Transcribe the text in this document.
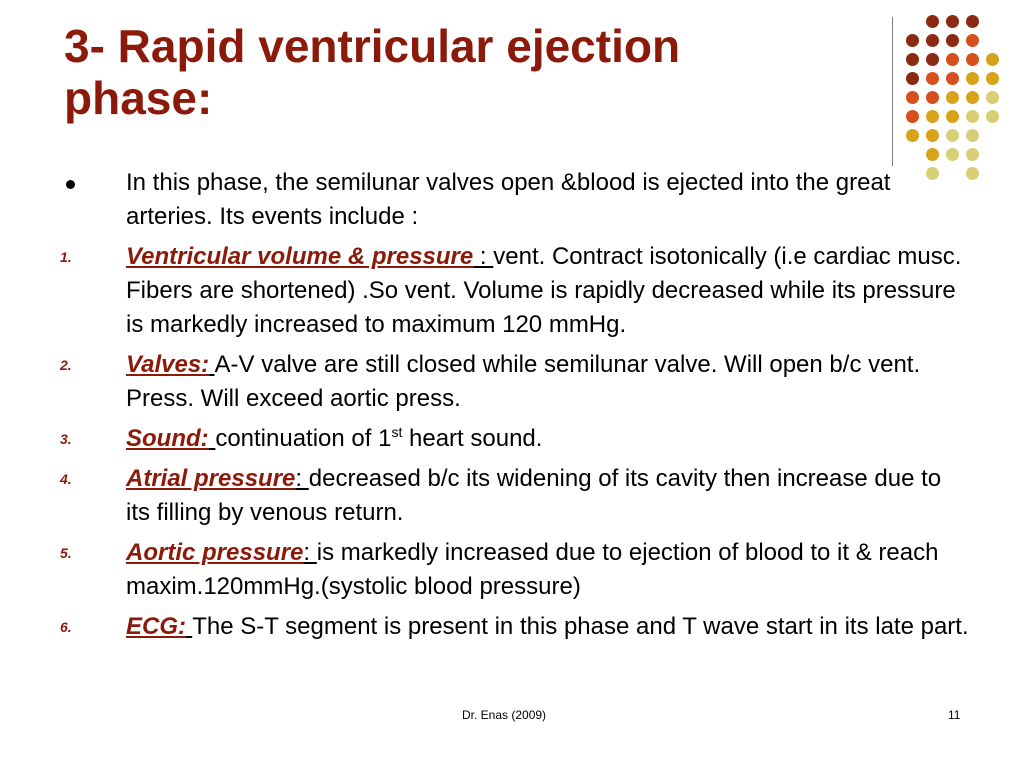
3- Rapid ventricular ejection
phase:
In this phase, the semilunar valves open &blood is ejected into the great arteries. Its events include :
1. Ventricular volume & pressure : vent. Contract isotonically (i.e cardiac musc. Fibers are shortened) .So vent. Volume is rapidly decreased while its pressure is markedly increased to maximum 120 mmHg.
2. Valves: A-V valve are still closed while semilunar valve. Will open b/c vent. Press. Will exceed aortic press.
3. Sound: continuation of 1st heart sound.
4. Atrial pressure: decreased b/c its widening of its cavity then increase due to its filling by venous return.
5. Aortic pressure: is markedly increased due to ejection of blood to it & reach maxim.120mmHg.(systolic blood pressure)
6. ECG: The S-T segment is present in this phase and T wave start in its late part.
Dr. Enas (2009)	11
